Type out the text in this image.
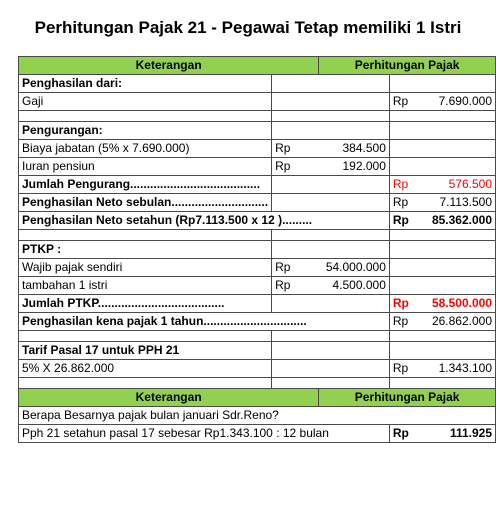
Perhitungan Pajak 21 - Pegawai Tetap memiliki 1 Istri
Keterangan		Perhitungan Pajak		
Penghasilan dari:				
Gaji			Rp	7.690.000

Pengurangan:				
Biaya jabatan (5% x 7.690.000)	Rp	384.500		
Iuran pensiun	Rp	192.000		
Jumlah Pengurang.......................................			Rp	576.500
Penghasilan Neto sebulan.............................			Rp	7.113.500
Penghasilan Neto setahun (Rp7.113.500 x 12 ).........			Rp	85.362.000

PTKP :				
Wajib pajak sendiri	Rp	54.000.000		
tambahan 1 istri	Rp	4.500.000		
Jumlah PTKP......................................			Rp	58.500.000
Penghasilan kena pajak 1 tahun...............................			Rp	26.862.000

Tarif Pasal 17 untuk PPH 21				
5% X 26.862.000			Rp	1.343.100

Keterangan		Perhitungan Pajak		
Berapa Besarnya pajak bulan januari Sdr.Reno?				
Pph 21 setahun pasal 17 sebesar Rp1.343.100 : 12 bulan			Rp	111.925
